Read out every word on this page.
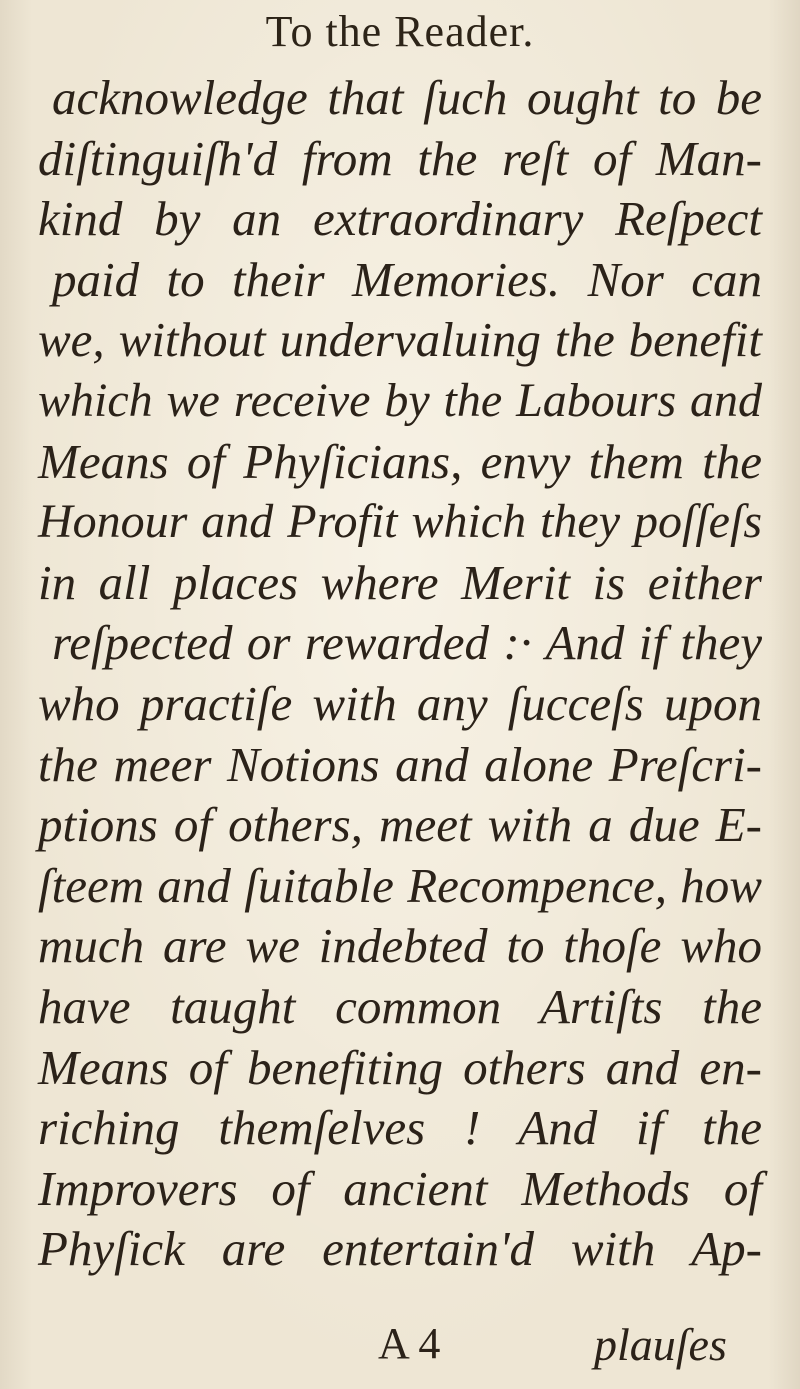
To the Reader.
acknowledge that ſuch ought to be
diſtinguiſh'd from the reſt of Man-
kind by an extraordinary Reſpect
paid to their Memories. Nor can
we, without undervaluing the benefit
which we receive by the Labours and
Means of Phyſicians, envy them the
Honour and Profit which they poſſeſs
in all places where Merit is either
reſpected or rewarded :· And if they
who practiſe with any ſucceſs upon
the meer Notions and alone Preſcri-
ptions of others, meet with a due E-
ſteem and ſuitable Recompence, how
much are we indebted to thoſe who
have taught common Artiſts the
Means of benefiting others and en-
riching themſelves ! And if the
Improvers of ancient Methods of
Phyſick are entertain'd with Ap-
A 4	plauſes
